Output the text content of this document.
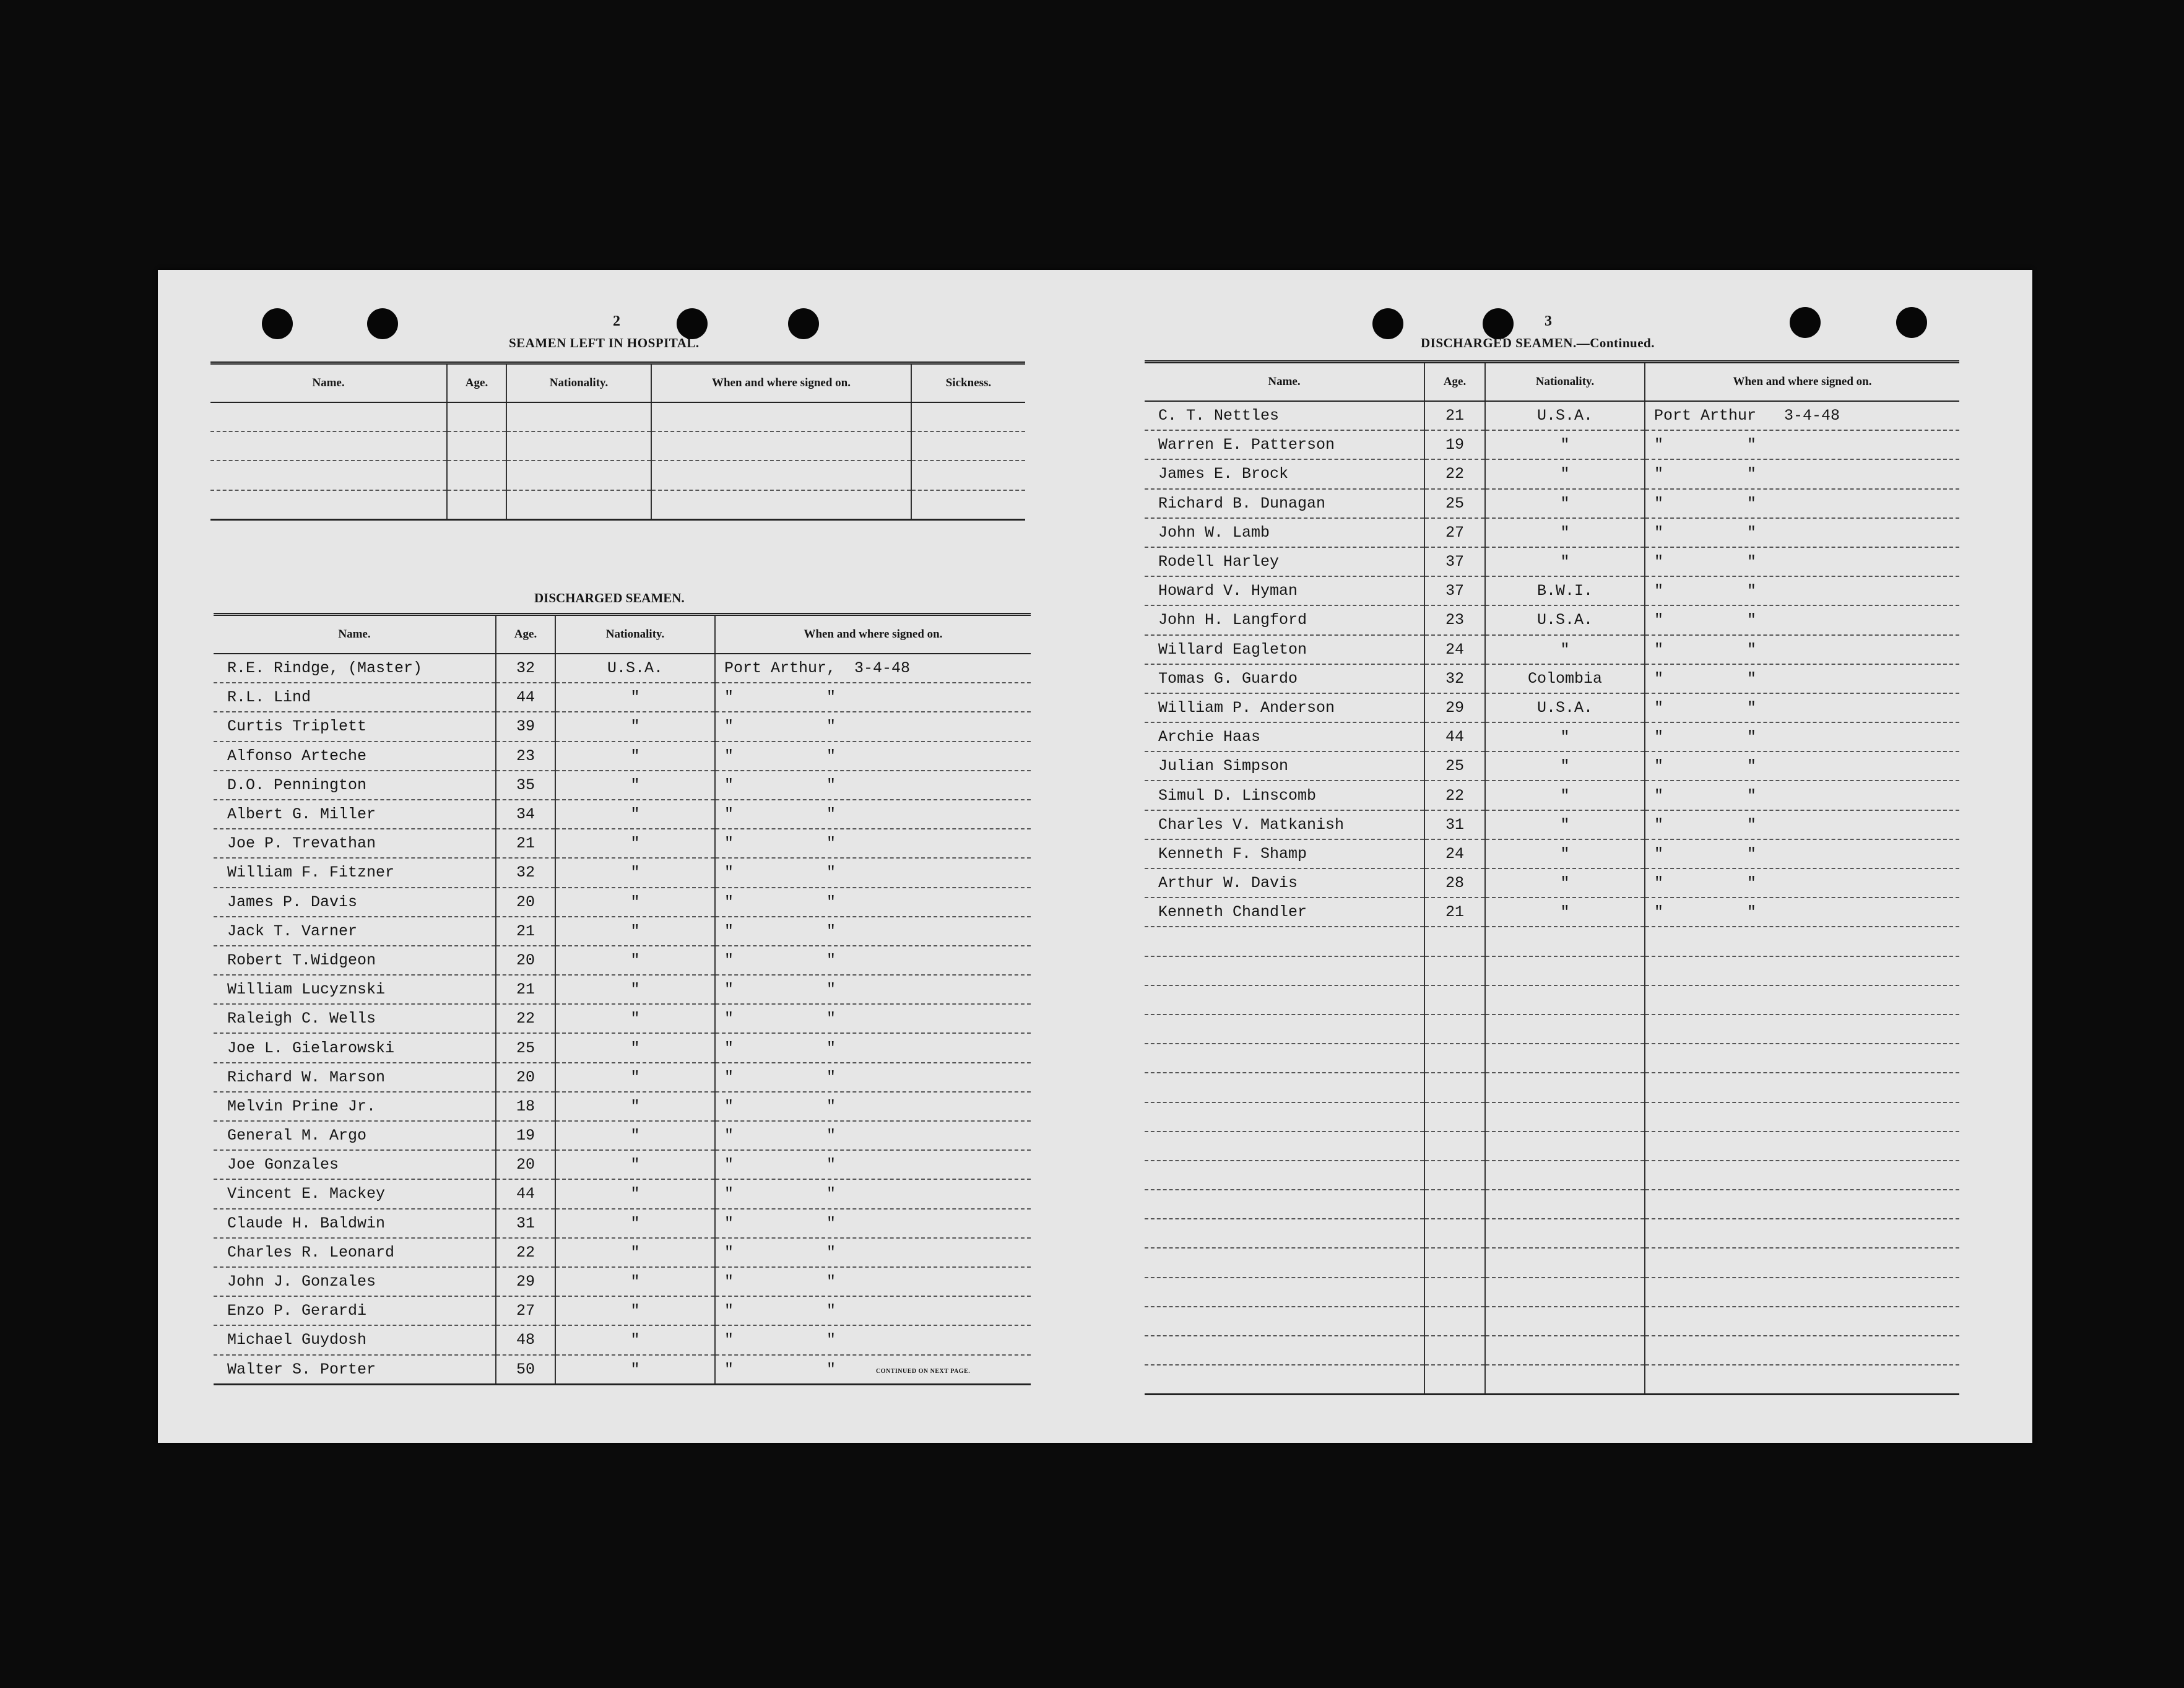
2
SEAMEN LEFT IN HOSPITAL.
Name.	Age.	Nationality.	When and where signed on.	Sickness.

DISCHARGED SEAMEN.
Name.	Age.	Nationality.	When and where signed on.
R.E. Rindge, (Master)	32	U.S.A.	Port Arthur,  3-4-48
R.L. Lind	44	"	"          "
Curtis Triplett	39	"	"          "
Alfonso Arteche	23	"	"          "
D.O. Pennington	35	"	"          "
Albert G. Miller	34	"	"          "
Joe P. Trevathan	21	"	"          "
William F. Fitzner	32	"	"          "
James P. Davis	20	"	"          "
Jack T. Varner	21	"	"          "
Robert T.Widgeon	20	"	"          "
William Lucyznski	21	"	"          "
Raleigh C. Wells	22	"	"          "
Joe L. Gielarowski	25	"	"          "
Richard W. Marson	20	"	"          "
Melvin Prine Jr.	18	"	"          "
General M. Argo	19	"	"          "
Joe Gonzales	20	"	"          "
Vincent E. Mackey	44	"	"          "
Claude H. Baldwin	31	"	"          "
Charles R. Leonard	22	"	"          "
John J. Gonzales	29	"	"          "
Enzo P. Gerardi	27	"	"          "
Michael Guydosh	48	"	"          "
Walter S. Porter	50	"	"          "	CONTINUED ON NEXT PAGE.
3
DISCHARGED SEAMEN.—Continued.
Name.	Age.	Nationality.	When and where signed on.
C. T. Nettles	21	U.S.A.	Port Arthur   3-4-48
Warren E. Patterson	19	"	"         "
James E. Brock	22	"	"         "
Richard B. Dunagan	25	"	"         "
John W. Lamb	27	"	"         "
Rodell Harley	37	"	"         "
Howard V. Hyman	37	B.W.I.	"         "
John H. Langford	23	U.S.A.	"         "
Willard Eagleton	24	"	"         "
Tomas G. Guardo	32	Colombia	"         "
William P. Anderson	29	U.S.A.	"         "
Archie Haas	44	"	"         "
Julian Simpson	25	"	"         "
Simul D. Linscomb	22	"	"         "
Charles V. Matkanish	31	"	"         "
Kenneth F. Shamp	24	"	"         "
Arthur W. Davis	28	"	"         "
Kenneth Chandler	21	"	"         "
